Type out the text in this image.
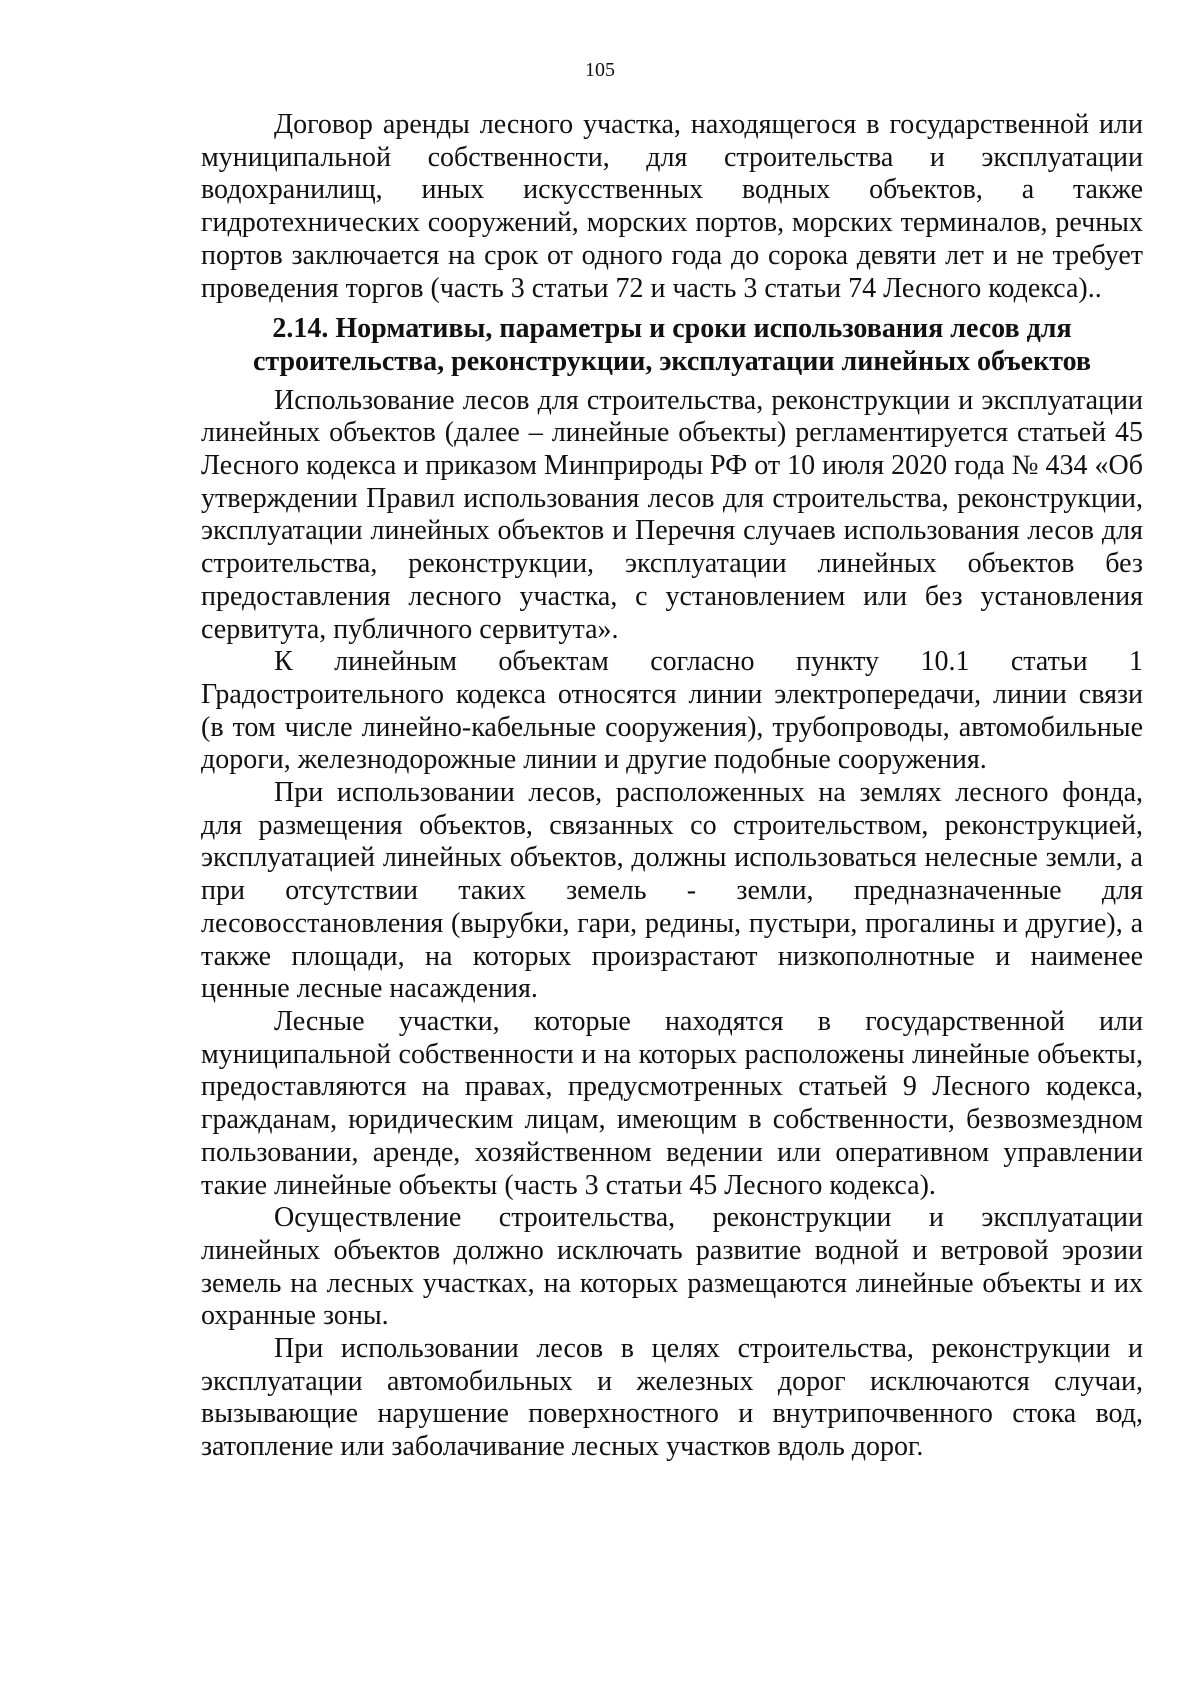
105

Договор аренды лесного участка, находящегося в государственной или муниципальной собственности, для строительства и эксплуатации водохранилищ, иных искусственных водных объектов, а также гидротехнических сооружений, морских портов, морских терминалов, речных портов заключается на срок от одного года до сорока девяти лет и не требует проведения торгов (часть 3 статьи 72 и часть 3 статьи 74 Лесного кодекса)..

2.14. Нормативы, параметры и сроки использования лесов для строительства, реконструкции, эксплуатации линейных объектов

Использование лесов для строительства, реконструкции и эксплуатации линейных объектов (далее – линейные объекты) регламентируется статьей 45 Лесного кодекса и приказом Минприроды РФ от 10 июля 2020 года № 434 «Об утверждении Правил использования лесов для строительства, реконструкции, эксплуатации линейных объектов и Перечня случаев использования лесов для строительства, реконструкции, эксплуатации линейных объектов без предоставления лесного участка, с установлением или без установления сервитута, публичного сервитута».

К линейным объектам согласно пункту 10.1 статьи 1 Градостроительного кодекса относятся линии электропередачи, линии связи (в том числе линейно-кабельные сооружения), трубопроводы, автомобильные дороги, железнодорожные линии и другие подобные сооружения.

При использовании лесов, расположенных на землях лесного фонда, для размещения объектов, связанных со строительством, реконструкцией, эксплуатацией линейных объектов, должны использоваться нелесные земли, а при отсутствии таких земель - земли, предназначенные для лесовосстановления (вырубки, гари, редины, пустыри, прогалины и другие), а также площади, на которых произрастают низкополнотные и наименее ценные лесные насаждения.

Лесные участки, которые находятся в государственной или муниципальной собственности и на которых расположены линейные объекты, предоставляются на правах, предусмотренных статьей 9 Лесного кодекса, гражданам, юридическим лицам, имеющим в собственности, безвозмездном пользовании, аренде, хозяйственном ведении или оперативном управлении такие линейные объекты (часть 3 статьи 45 Лесного кодекса).

Осуществление строительства, реконструкции и эксплуатации линейных объектов должно исключать развитие водной и ветровой эрозии земель на лесных участках, на которых размещаются линейные объекты и их охранные зоны.

При использовании лесов в целях строительства, реконструкции и эксплуатации автомобильных и железных дорог исключаются случаи, вызывающие нарушение поверхностного и внутрипочвенного стока вод, затопление или заболачивание лесных участков вдоль дорог.
